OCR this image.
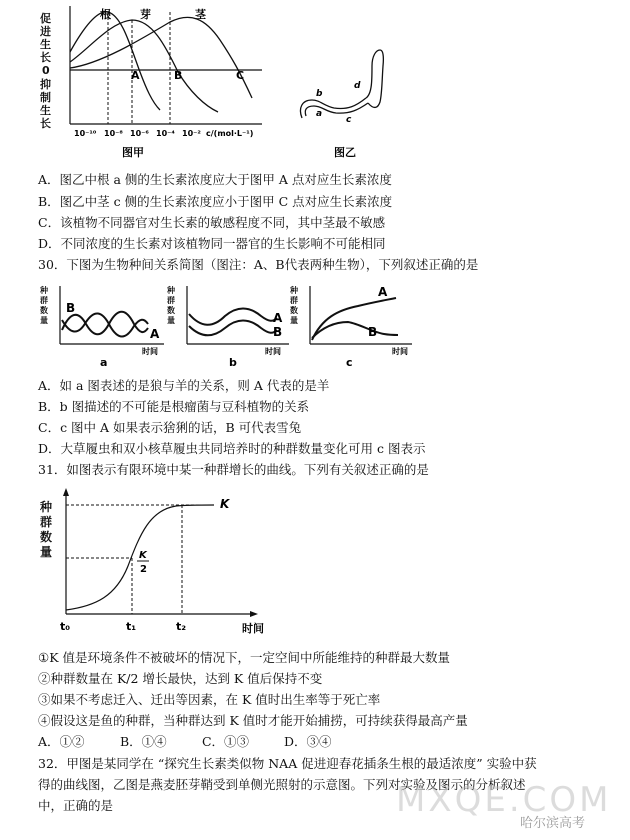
0
根	芽	茎
A	B	C
10⁻¹⁰ 10⁻⁸ 10⁻⁶ 10⁻⁴ 10⁻² c/(mol·L⁻¹)
图甲
促
进
生
长
抑
制
生
长
a
b
c
d
图乙
A．图乙中根 a 侧的生长素浓度应大于图甲 A 点对应生长素浓度
B．图乙中茎 c 侧的生长素浓度应小于图甲 C 点对应生长素浓度
C．该植物不同器官对生长素的敏感程度不同，其中茎最不敏感
D．不同浓度的生长素对该植物同一器官的生长影响不可能相同
30．下图为生物种间关系简图（图注：A、B代表两种生物），下列叙述正确的是
B
A
时间
a
种
群
数
量	A
B
时间
b
种
群
数
量
A
B
时间
c
种
群
数
量
A．如 a 图表述的是狼与羊的关系，则 A 代表的是羊
B．b 图描述的不可能是根瘤菌与豆科植物的关系
C．c 图中 A 如果表示猞猁的话，B 可代表雪兔
D．大草履虫和双小核草履虫共同培养时的种群数量变化可用 c 图表示
31．如图表示有限环境中某一种群增长的曲线。下列有关叙述正确的是
K
K
2
t₀	t₁	t₂	时间
种
群
数
量
①K 值是环境条件不被破坏的情况下，一定空间中所能维持的种群最大数量
②种群数量在 K/2 增长最快，达到 K 值后保持不变
③如果不考虑迁入、迁出等因素，在 K 值时出生率等于死亡率
④假设这是鱼的种群，当种群达到 K 值时才能开始捕捞，可持续获得最高产量
A．①②	B．①④	C．①③	D．③④
32．甲图是某同学在 “探究生长素类似物 NAA 促进迎春花插条生根的最适浓度” 实验中获
得的曲线图，乙图是燕麦胚芽鞘受到单侧光照射的示意图。下列对实验及图示的分析叙述
中，正确的是	MXQE.COM
哈尔滨高考
